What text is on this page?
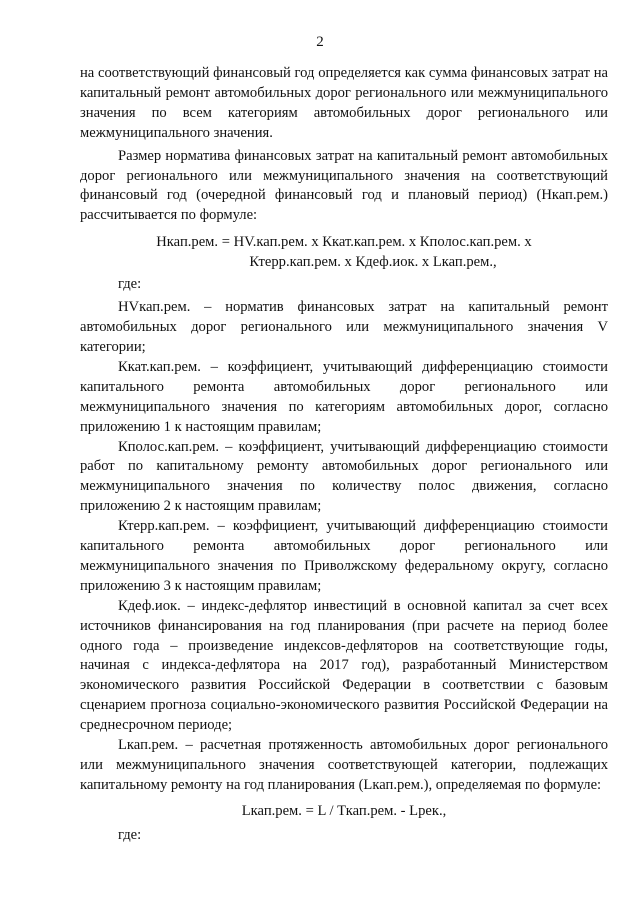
2

на соответствующий финансовый год определяется как сумма финансовых затрат на капитальный ремонт автомобильных дорог регионального или межмуниципального значения по всем категориям автомобильных дорог регионального или межмуниципального значения.

Размер норматива финансовых затрат на капитальный ремонт автомобильных дорог регионального или межмуниципального значения на соответствующий финансовый год (очередной финансовый год и плановый период) (Нкап.рем.) рассчитывается по формуле:

Нкап.рем. = НV.кап.рем. х Ккат.кап.рем. х Кполос.кап.рем. х
Ктерр.кап.рем. х Кдеф.иок. х Lкап.рем.,
где:

НVкап.рем. – норматив финансовых затрат на капитальный ремонт автомобильных дорог регионального или межмуниципального значения V категории;

Ккат.кап.рем. – коэффициент, учитывающий дифференциацию стоимости капитального ремонта автомобильных дорог регионального или межмуниципального значения по категориям автомобильных дорог, согласно приложению 1 к настоящим правилам;

Кполос.кап.рем. – коэффициент, учитывающий дифференциацию стоимости работ по капитальному ремонту автомобильных дорог регионального или межмуниципального значения по количеству полос движения, согласно приложению 2 к настоящим правилам;

Ктерр.кап.рем. – коэффициент, учитывающий дифференциацию стоимости капитального ремонта автомобильных дорог регионального или межмуниципального значения по Приволжскому федеральному округу, согласно приложению 3 к настоящим правилам;

Кдеф.иок. – индекс-дефлятор инвестиций в основной капитал за счет всех источников финансирования на год планирования (при расчете на период более одного года – произведение индексов-дефляторов на соответствующие годы, начиная с индекса-дефлятора на 2017 год), разработанный Министерством экономического развития Российской Федерации в соответствии с базовым сценарием прогноза социально-экономического развития Российской Федерации на среднесрочном периоде;

Lкап.рем. – расчетная протяженность автомобильных дорог регионального или межмуниципального значения соответствующей категории, подлежащих капитальному ремонту на год планирования (Lкап.рем.), определяемая по формуле:

Lкап.рем. = L / Ткап.рем. - Lрек.,
где:
